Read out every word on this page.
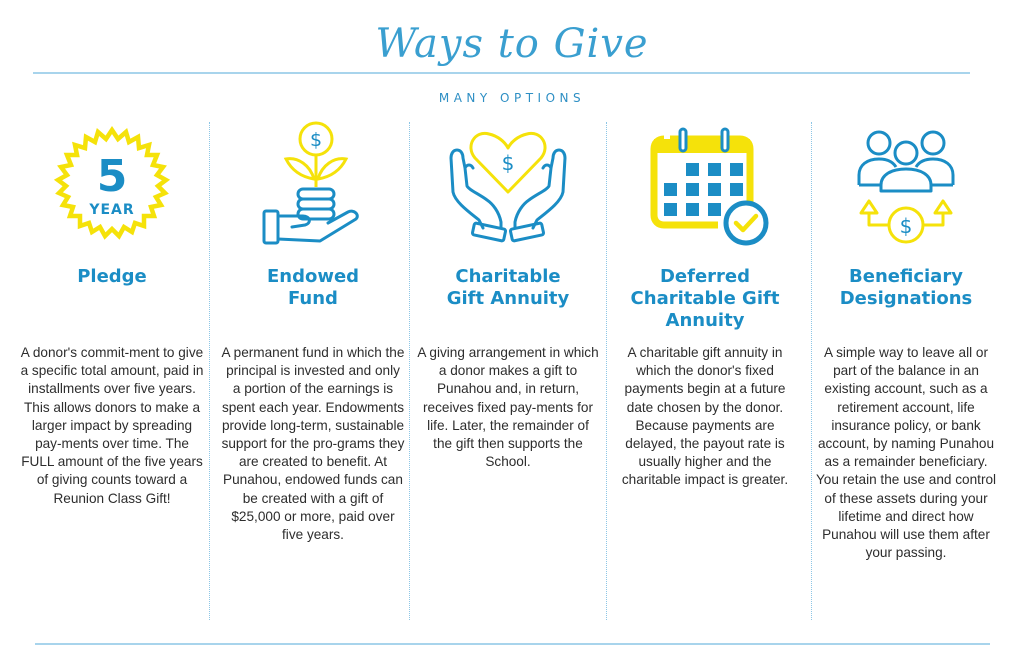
Ways to Give
MANY OPTIONS
5
YEAR
Pledge
A donor's commit-ment to give a specific total amount, paid in installments over five years. This allows donors to make a larger impact by spreading pay-ments over time. The FULL amount of the five years of giving counts toward a Reunion Class Gift!
$
Endowed
Fund
A permanent fund in which the principal is invested and only a portion of the earnings is spent each year. Endowments provide long-term, sustainable support for the pro-grams they are created to benefit. At Punahou, endowed funds can be created with a gift of $25,000 or more, paid over five years.
$
Charitable
Gift Annuity
A giving arrangement in which a donor makes a gift to Punahou and, in return, receives fixed pay-ments for life. Later, the remainder of the gift then supports the School.
Deferred
Charitable Gift
Annuity
A charitable gift annuity in which the donor's fixed payments begin at a future date chosen by the donor. Because payments are delayed, the payout rate is usually higher and the charitable impact is greater.
$
Beneficiary
Designations
A simple way to leave all or part of the balance in an existing account, such as a retirement account, life insurance policy, or bank account, by naming Punahou as a remainder beneficiary. You retain the use and control of these assets during your lifetime and direct how Punahou will use them after your passing.
